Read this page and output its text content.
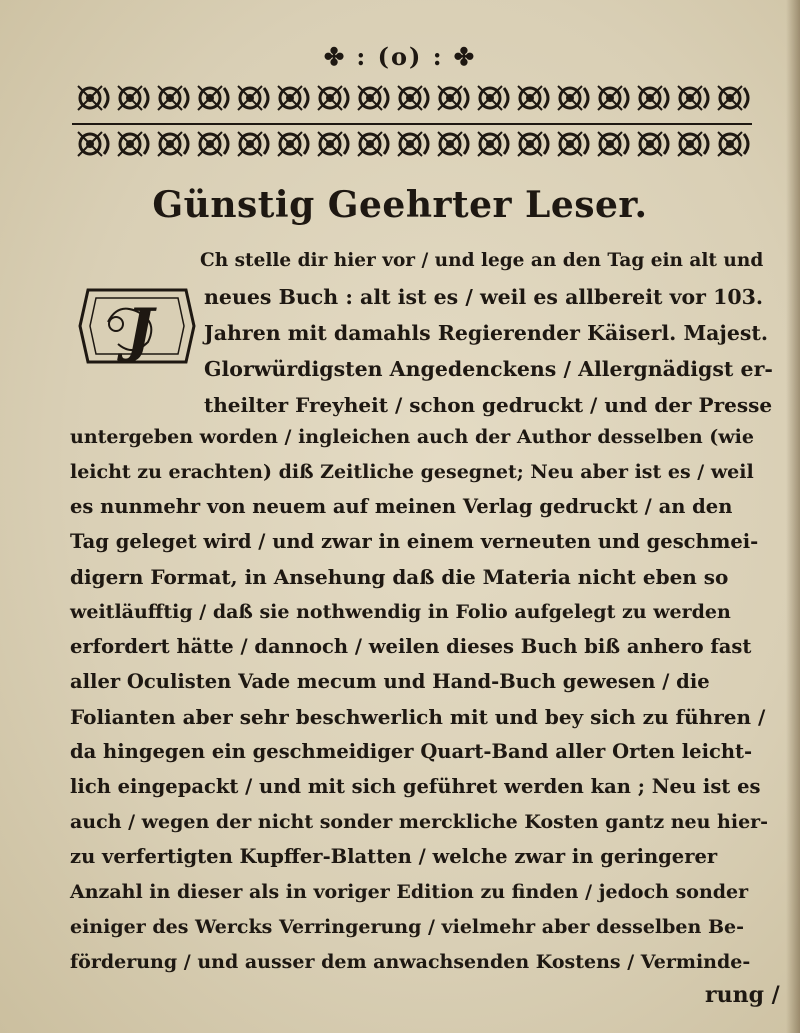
✤ : (o) : ✤
Günstig Geehrter Leser.
J
Ch stelle dir hier vor / und lege an den Tag ein alt und
neues Buch : alt ist es / weil es allbereit vor 103.
Jahren mit damahls Regierender Käiserl. Majest.
Glorwürdigsten Angedenckens / Allergnädigst er-
theilter Freyheit / schon gedruckt / und der Presse
untergeben worden / ingleichen auch der Author desselben (wie
leicht zu erachten) diß Zeitliche gesegnet; Neu aber ist es / weil
es nunmehr von neuem auf meinen Verlag gedruckt / an den
Tag geleget wird / und zwar in einem verneuten und geschmei-
digern Format, in Ansehung daß die Materia nicht eben so
weitläufftig / daß sie nothwendig in Folio aufgelegt zu werden
erfordert hätte / dannoch / weilen dieses Buch biß anhero fast
aller Oculisten Vade mecum und Hand-Buch gewesen / die
Folianten aber sehr beschwerlich mit und bey sich zu führen /
da hingegen ein geschmeidiger Quart-Band aller Orten leicht-
lich eingepackt / und mit sich geführet werden kan ; Neu ist es
auch / wegen der nicht sonder merckliche Kosten gantz neu hier-
zu verfertigten Kupffer-Blatten / welche zwar in geringerer
Anzahl in dieser als in voriger Edition zu finden / jedoch sonder
einiger des Wercks Verringerung / vielmehr aber desselben Be-
förderung / und ausser dem anwachsenden Kostens / Verminde-
rung /
